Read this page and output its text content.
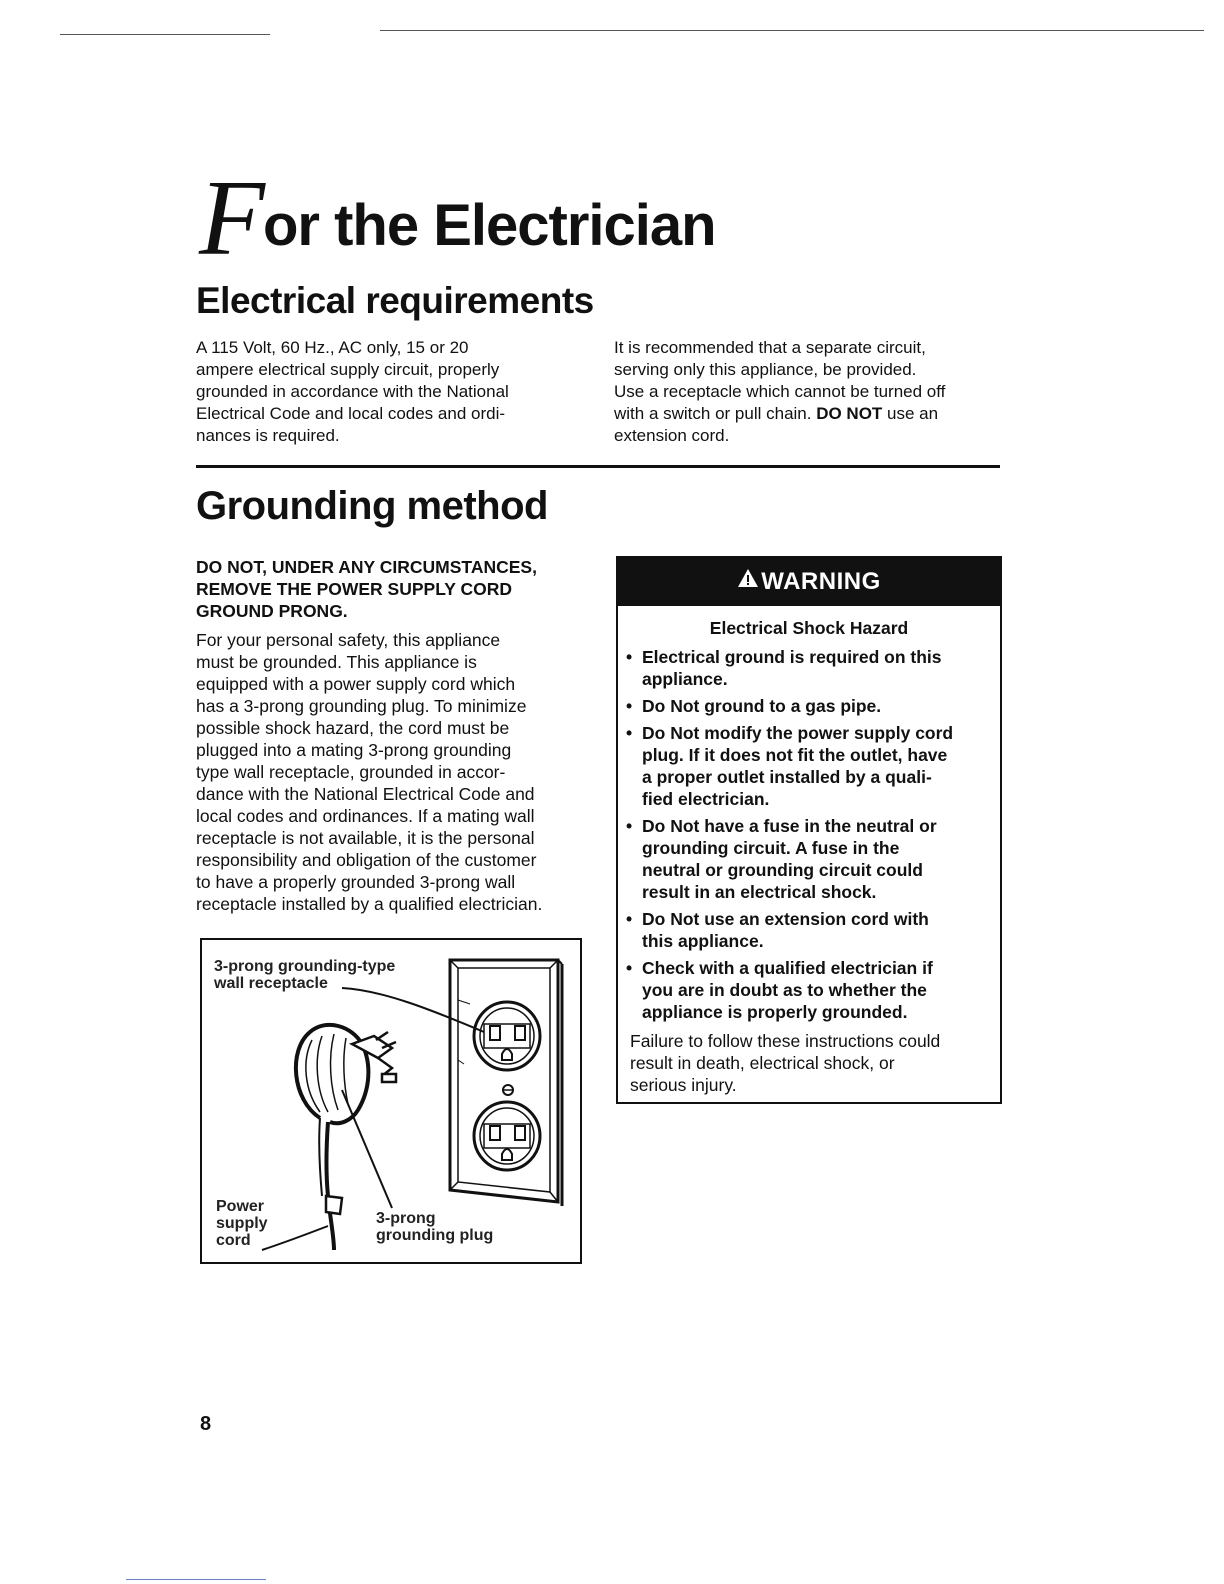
F
or the Electrician
Electrical requirements
A 115 Volt, 60 Hz., AC only, 15 or 20
ampere electrical supply circuit, properly
grounded in accordance with the National
Electrical Code and local codes and ordi-
nances is required.
It is recommended that a separate circuit,
serving only this appliance, be provided.
Use a receptacle which cannot be turned off
with a switch or pull chain. DO NOT use an
extension cord.
Grounding method
DO NOT, UNDER ANY CIRCUMSTANCES,
REMOVE THE POWER SUPPLY CORD
GROUND PRONG.
For your personal safety, this appliance
must be grounded. This appliance is
equipped with a power supply cord which
has a 3-prong grounding plug. To minimize
possible shock hazard, the cord must be
plugged into a mating 3-prong grounding
type wall receptacle, grounded in accor-
dance with the National Electrical Code and
local codes and ordinances. If a mating wall
receptacle is not available, it is the personal
responsibility and obligation of the customer
to have a properly grounded 3-prong wall
receptacle installed by a qualified electrician.
3-prong grounding-type
wall receptacle
Power
supply
cord
3-prong
grounding plug
WARNING
Electrical Shock Hazard
• Electrical ground is required on this
appliance.
• Do Not ground to a gas pipe.
• Do Not modify the power supply cord
plug. If it does not fit the outlet, have
a proper outlet installed by a quali-
fied electrician.
• Do Not have a fuse in the neutral or
grounding circuit. A fuse in the
neutral or grounding circuit could
result in an electrical shock.
• Do Not use an extension cord with
this appliance.
• Check with a qualified electrician if
you are in doubt as to whether the
appliance is properly grounded.
Failure to follow these instructions could
result in death, electrical shock, or
serious injury.
8
